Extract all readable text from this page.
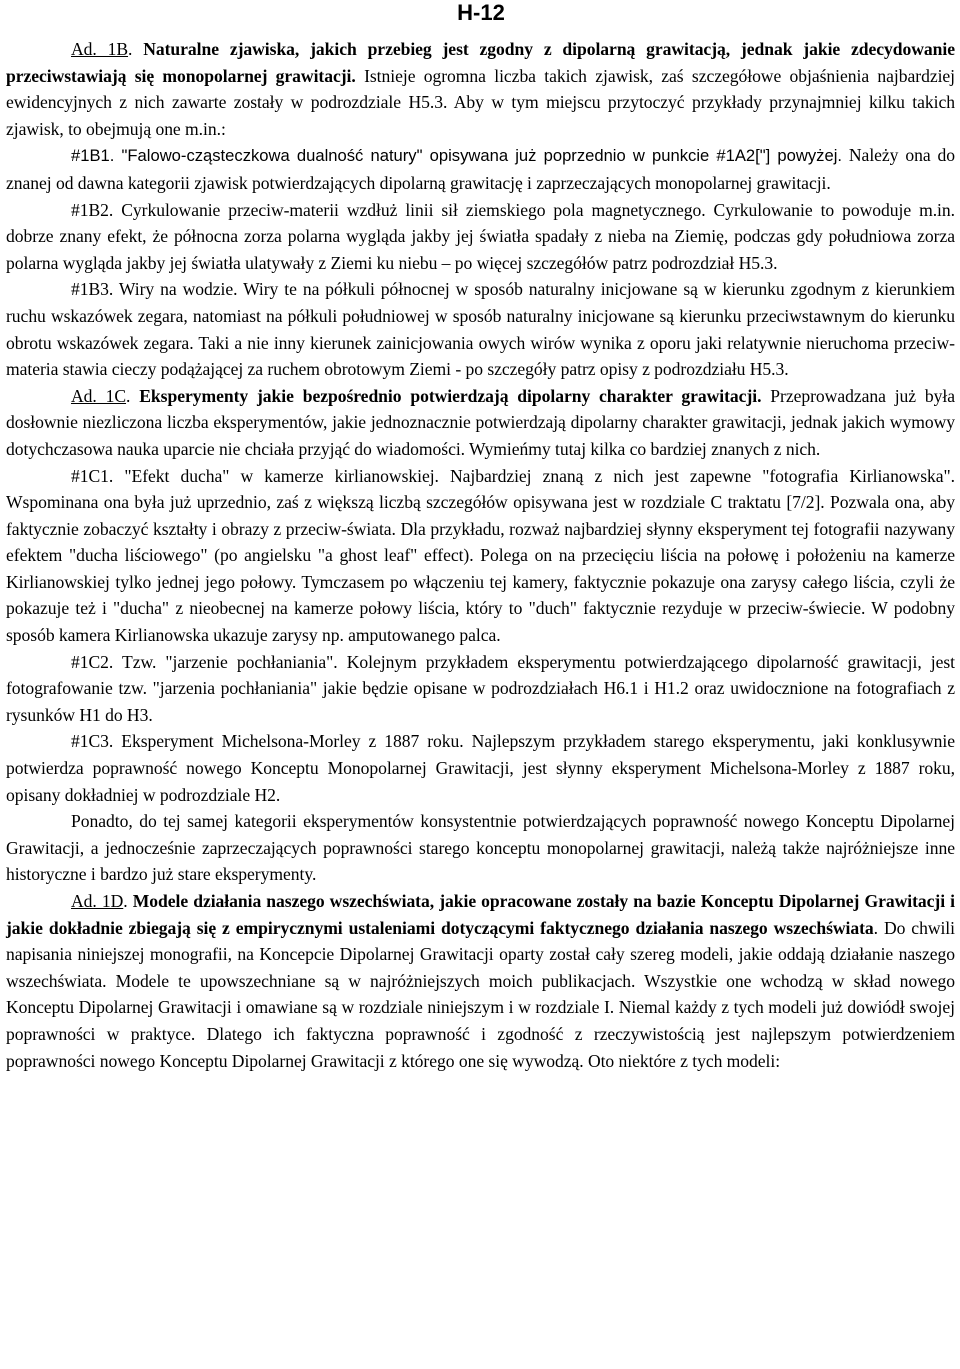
H-12

Ad. 1B. Naturalne zjawiska, jakich przebieg jest zgodny z dipolarną grawitacją, jednak jakie zdecydowanie przeciwstawiają się monopolarnej grawitacji. Istnieje ogromna liczba takich zjawisk, zaś szczegółowe objaśnienia najbardziej ewidencyjnych z nich zawarte zostały w podrozdziale H5.3. Aby w tym miejscu przytoczyć przykłady przynajmniej kilku takich zjawisk, to obejmują one m.in.:

#1B1. "Falowo-cząsteczkowa dualność natury" opisywana już poprzednio w punkcie #1A2["] powyżej. Należy ona do znanej od dawna kategorii zjawisk potwierdzających dipolarną grawitację i zaprzeczających monopolarnej grawitacji.

#1B2. Cyrkulowanie przeciw-materii wzdłuż linii sił ziemskiego pola magnetycznego. Cyrkulowanie to powoduje m.in. dobrze znany efekt, że północna zorza polarna wygląda jakby jej światła spadały z nieba na Ziemię, podczas gdy południowa zorza polarna wygląda jakby jej światła ulatywały z Ziemi ku niebu – po więcej szczegółów patrz podrozdział H5.3.

#1B3. Wiry na wodzie. Wiry te na półkuli północnej w sposób naturalny inicjowane są w kierunku zgodnym z kierunkiem ruchu wskazówek zegara, natomiast na półkuli południowej w sposób naturalny inicjowane są kierunku przeciwstawnym do kierunku obrotu wskazówek zegara. Taki a nie inny kierunek zainicjowania owych wirów wynika z oporu jaki relatywnie nieruchoma przeciw-materia stawia cieczy podążającej za ruchem obrotowym Ziemi - po szczegóły patrz opisy z podrozdziału H5.3.

Ad. 1C. Eksperymenty jakie bezpośrednio potwierdzają dipolarny charakter grawitacji. Przeprowadzana już była dosłownie niezliczona liczba eksperymentów, jakie jednoznacznie potwierdzają dipolarny charakter grawitacji, jednak jakich wymowy dotychczasowa nauka uparcie nie chciała przyjąć do wiadomości. Wymieńmy tutaj kilka co bardziej znanych z nich.

#1C1. "Efekt ducha" w kamerze kirlianowskiej. Najbardziej znaną z nich jest zapewne "fotografia Kirlianowska". Wspominana ona była już uprzednio, zaś z większą liczbą szczegółów opisywana jest w rozdziale C traktatu [7/2]. Pozwala ona, aby faktycznie zobaczyć kształty i obrazy z przeciw-świata. Dla przykładu, rozważ najbardziej słynny eksperyment tej fotografii nazywany efektem "ducha liściowego" (po angielsku "a ghost leaf" effect). Polega on na przecięciu liścia na połowę i położeniu na kamerze Kirlianowskiej tylko jednej jego połowy. Tymczasem po włączeniu tej kamery, faktycznie pokazuje ona zarysy całego liścia, czyli że pokazuje też i "ducha" z nieobecnej na kamerze połowy liścia, który to "duch" faktycznie rezyduje w przeciw-świecie. W podobny sposób kamera Kirlianowska ukazuje zarysy np. amputowanego palca.

#1C2. Tzw. "jarzenie pochłaniania". Kolejnym przykładem eksperymentu potwierdzającego dipolarność grawitacji, jest fotografowanie tzw. "jarzenia pochłaniania" jakie będzie opisane w podrozdziałach H6.1 i H1.2 oraz uwidocznione na fotografiach z rysunków H1 do H3.

#1C3. Eksperyment Michelsona-Morley z 1887 roku. Najlepszym przykładem starego eksperymentu, jaki konklusywnie potwierdza poprawność nowego Konceptu Monopolarnej Grawitacji, jest słynny eksperyment Michelsona-Morley z 1887 roku, opisany dokładniej w podrozdziale H2.

Ponadto, do tej samej kategorii eksperymentów konsystentnie potwierdzających poprawność nowego Konceptu Dipolarnej Grawitacji, a jednocześnie zaprzeczających poprawności starego konceptu monopolarnej grawitacji, należą także najróżniejsze inne historyczne i bardzo już stare eksperymenty.

Ad. 1D. Modele działania naszego wszechświata, jakie opracowane zostały na bazie Konceptu Dipolarnej Grawitacji i jakie dokładnie zbiegają się z empirycznymi ustaleniami dotyczącymi faktycznego działania naszego wszechświata. Do chwili napisania niniejszej monografii, na Koncepcie Dipolarnej Grawitacji oparty został cały szereg modeli, jakie oddają działanie naszego wszechświata. Modele te upowszechniane są w najróżniejszych moich publikacjach. Wszystkie one wchodzą w skład nowego Konceptu Dipolarnej Grawitacji i omawiane są w rozdziale niniejszym i w rozdziale I. Niemal każdy z tych modeli już dowiódł swojej poprawności w praktyce. Dlatego ich faktyczna poprawność i zgodność z rzeczywistością jest najlepszym potwierdzeniem poprawności nowego Konceptu Dipolarnej Grawitacji z którego one się wywodzą. Oto niektóre z tych modeli:
